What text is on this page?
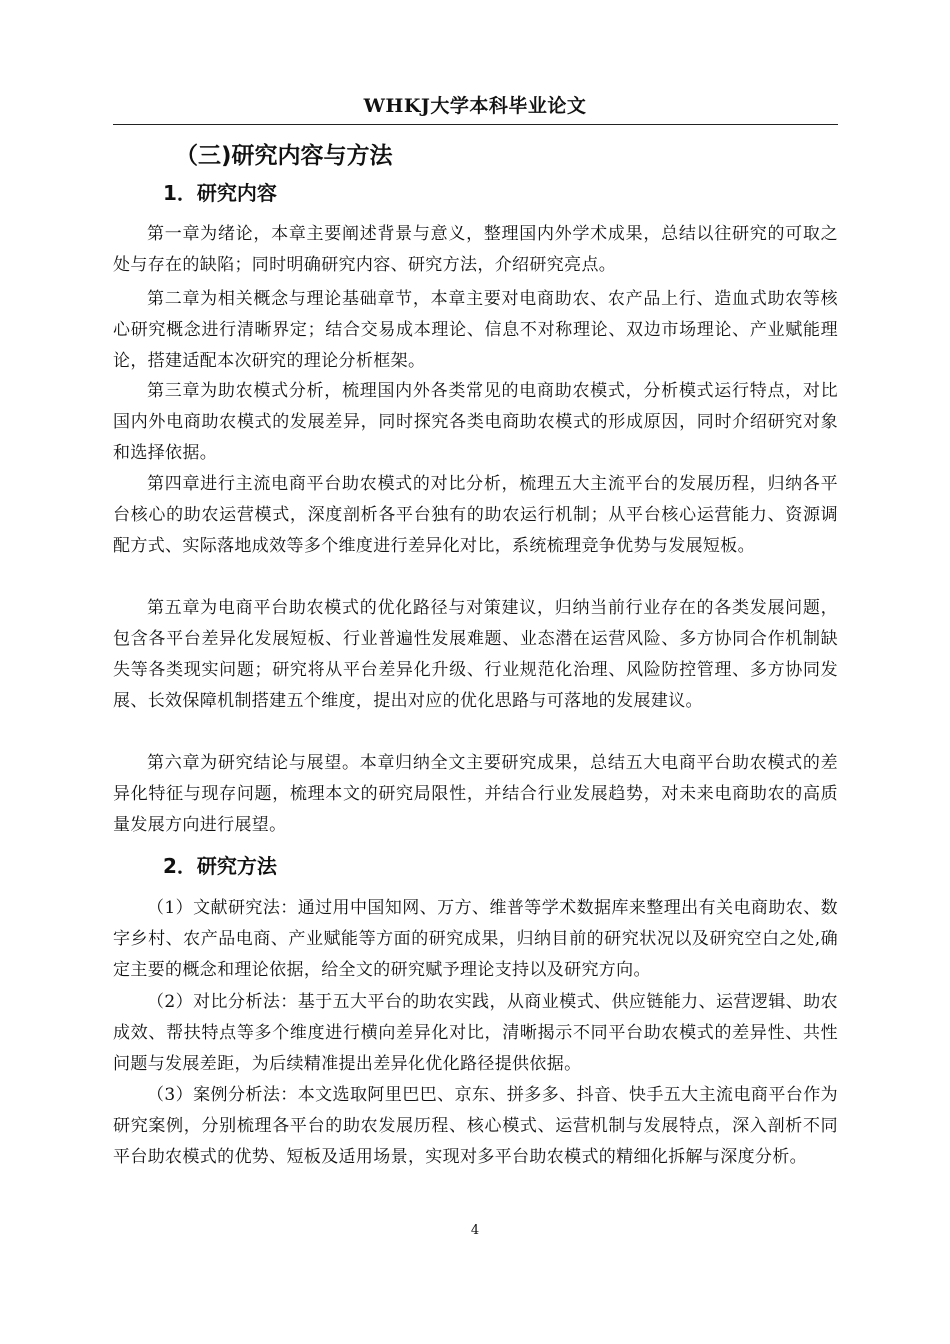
WHKJ大学本科毕业论文
（三)研究内容与方法
1．研究内容

第一章为绪论，本章主要阐述背景与意义，整理国内外学术成果，总结以往研究的可取之处与存在的缺陷；同时明确研究内容、研究方法，介绍研究亮点。

第二章为相关概念与理论基础章节，本章主要对电商助农、农产品上行、造血式助农等核心研究概念进行清晰界定；结合交易成本理论、信息不对称理论、双边市场理论、产业赋能理论，搭建适配本次研究的理论分析框架。

第三章为助农模式分析，梳理国内外各类常见的电商助农模式，分析模式运行特点，对比国内外电商助农模式的发展差异，同时探究各类电商助农模式的形成原因，同时介绍研究对象和选择依据。

第四章进行主流电商平台助农模式的对比分析，梳理五大主流平台的发展历程，归纳各平台核心的助农运营模式，深度剖析各平台独有的助农运行机制；从平台核心运营能力、资源调配方式、实际落地成效等多个维度进行差异化对比，系统梳理竞争优势与发展短板。

第五章为电商平台助农模式的优化路径与对策建议，归纳当前行业存在的各类发展问题，包含各平台差异化发展短板、行业普遍性发展难题、业态潜在运营风险、多方协同合作机制缺失等各类现实问题；研究将从平台差异化升级、行业规范化治理、风险防控管理、多方协同发展、长效保障机制搭建五个维度，提出对应的优化思路与可落地的发展建议。

第六章为研究结论与展望。本章归纳全文主要研究成果，总结五大电商平台助农模式的差异化特征与现存问题，梳理本文的研究局限性，并结合行业发展趋势，对未来电商助农的高质量发展方向进行展望。

2．研究方法

（1）文献研究法：通过用中国知网、万方、维普等学术数据库来整理出有关电商助农、数字乡村、农产品电商、产业赋能等方面的研究成果，归纳目前的研究状况以及研究空白之处,确定主要的概念和理论依据，给全文的研究赋予理论支持以及研究方向。

（2）对比分析法：基于五大平台的助农实践，从商业模式、供应链能力、运营逻辑、助农成效、帮扶特点等多个维度进行横向差异化对比，清晰揭示不同平台助农模式的差异性、共性问题与发展差距，为后续精准提出差异化优化路径提供依据。

（3）案例分析法：本文选取阿里巴巴、京东、拼多多、抖音、快手五大主流电商平台作为研究案例，分别梳理各平台的助农发展历程、核心模式、运营机制与发展特点，深入剖析不同平台助农模式的优势、短板及适用场景，实现对多平台助农模式的精细化拆解与深度分析。

4
